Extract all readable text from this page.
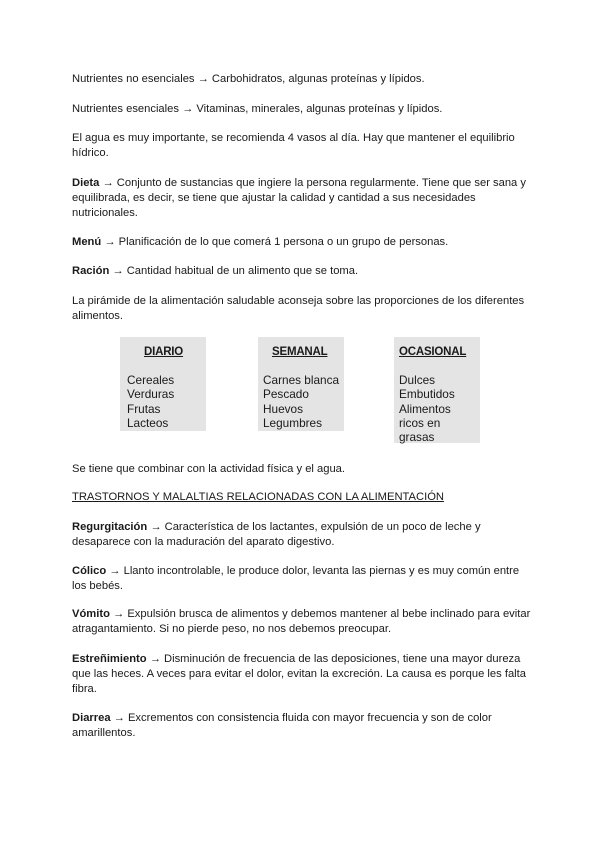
Nutrientes no esenciales → Carbohidratos, algunas proteínas y lípidos.

Nutrientes esenciales → Vitaminas, minerales, algunas proteínas y lípidos.

El agua es muy importante, se recomienda 4 vasos al día. Hay que mantener el equilibrio hídrico.

Dieta → Conjunto de sustancias que ingiere la persona regularmente. Tiene que ser sana y equilibrada, es decir, se tiene que ajustar la calidad y cantidad a sus necesidades nutricionales.

Menú → Planificación de lo que comerá 1 persona o un grupo de personas.

Ración → Cantidad habitual de un alimento que se toma.

La pirámide de la alimentación saludable aconseja sobre las proporciones de los diferentes alimentos.

DIARIO
Cereales
Verduras
Frutas
Lacteos
SEMANAL
Carnes blanca
Pescado
Huevos
Legumbres
OCASIONAL
Dulces
Embutidos
Alimentos
ricos en
grasas

Se tiene que combinar con la actividad física y el agua.

TRASTORNOS Y MALALTIAS RELACIONADAS CON LA ALIMENTACIÓN

Regurgitación → Característica de los lactantes, expulsión de un poco de leche y desaparece con la maduración del aparato digestivo.

Cólico → Llanto incontrolable, le produce dolor, levanta las piernas y es muy común entre los bebés.

Vómito → Expulsión brusca de alimentos y debemos mantener al bebe inclinado para evitar atragantamiento. Si no pierde peso, no nos debemos preocupar.

Estreñimiento → Disminución de frecuencia de las deposiciones, tiene una mayor dureza que las heces. A veces para evitar el dolor, evitan la excreción. La causa es porque les falta fibra.

Diarrea → Excrementos con consistencia fluida con mayor frecuencia y son de color amarillentos.
